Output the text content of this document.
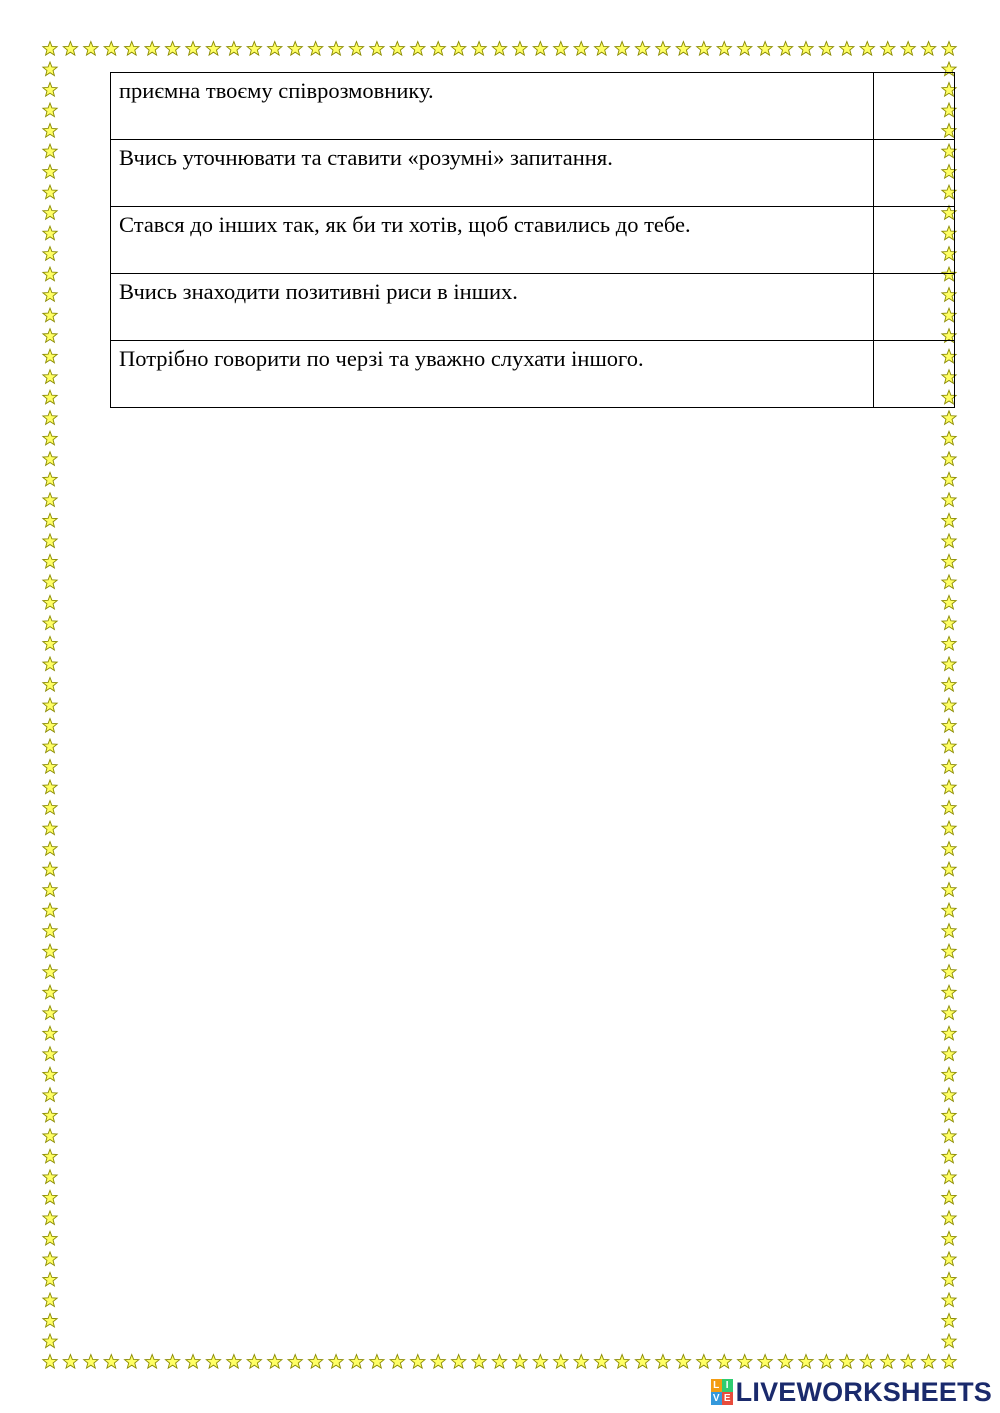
приємна твоєму співрозмовнику.	
Вчись уточнювати та ставити «розумні» запитання.	
Стався до інших так, як би ти хотів, щоб ставились до тебе.	
Вчись знаходити позитивні риси в інших.	
Потрібно говорити по черзі та уважно слухати іншого.	
L I
V E LIVEWORKSHEETS
